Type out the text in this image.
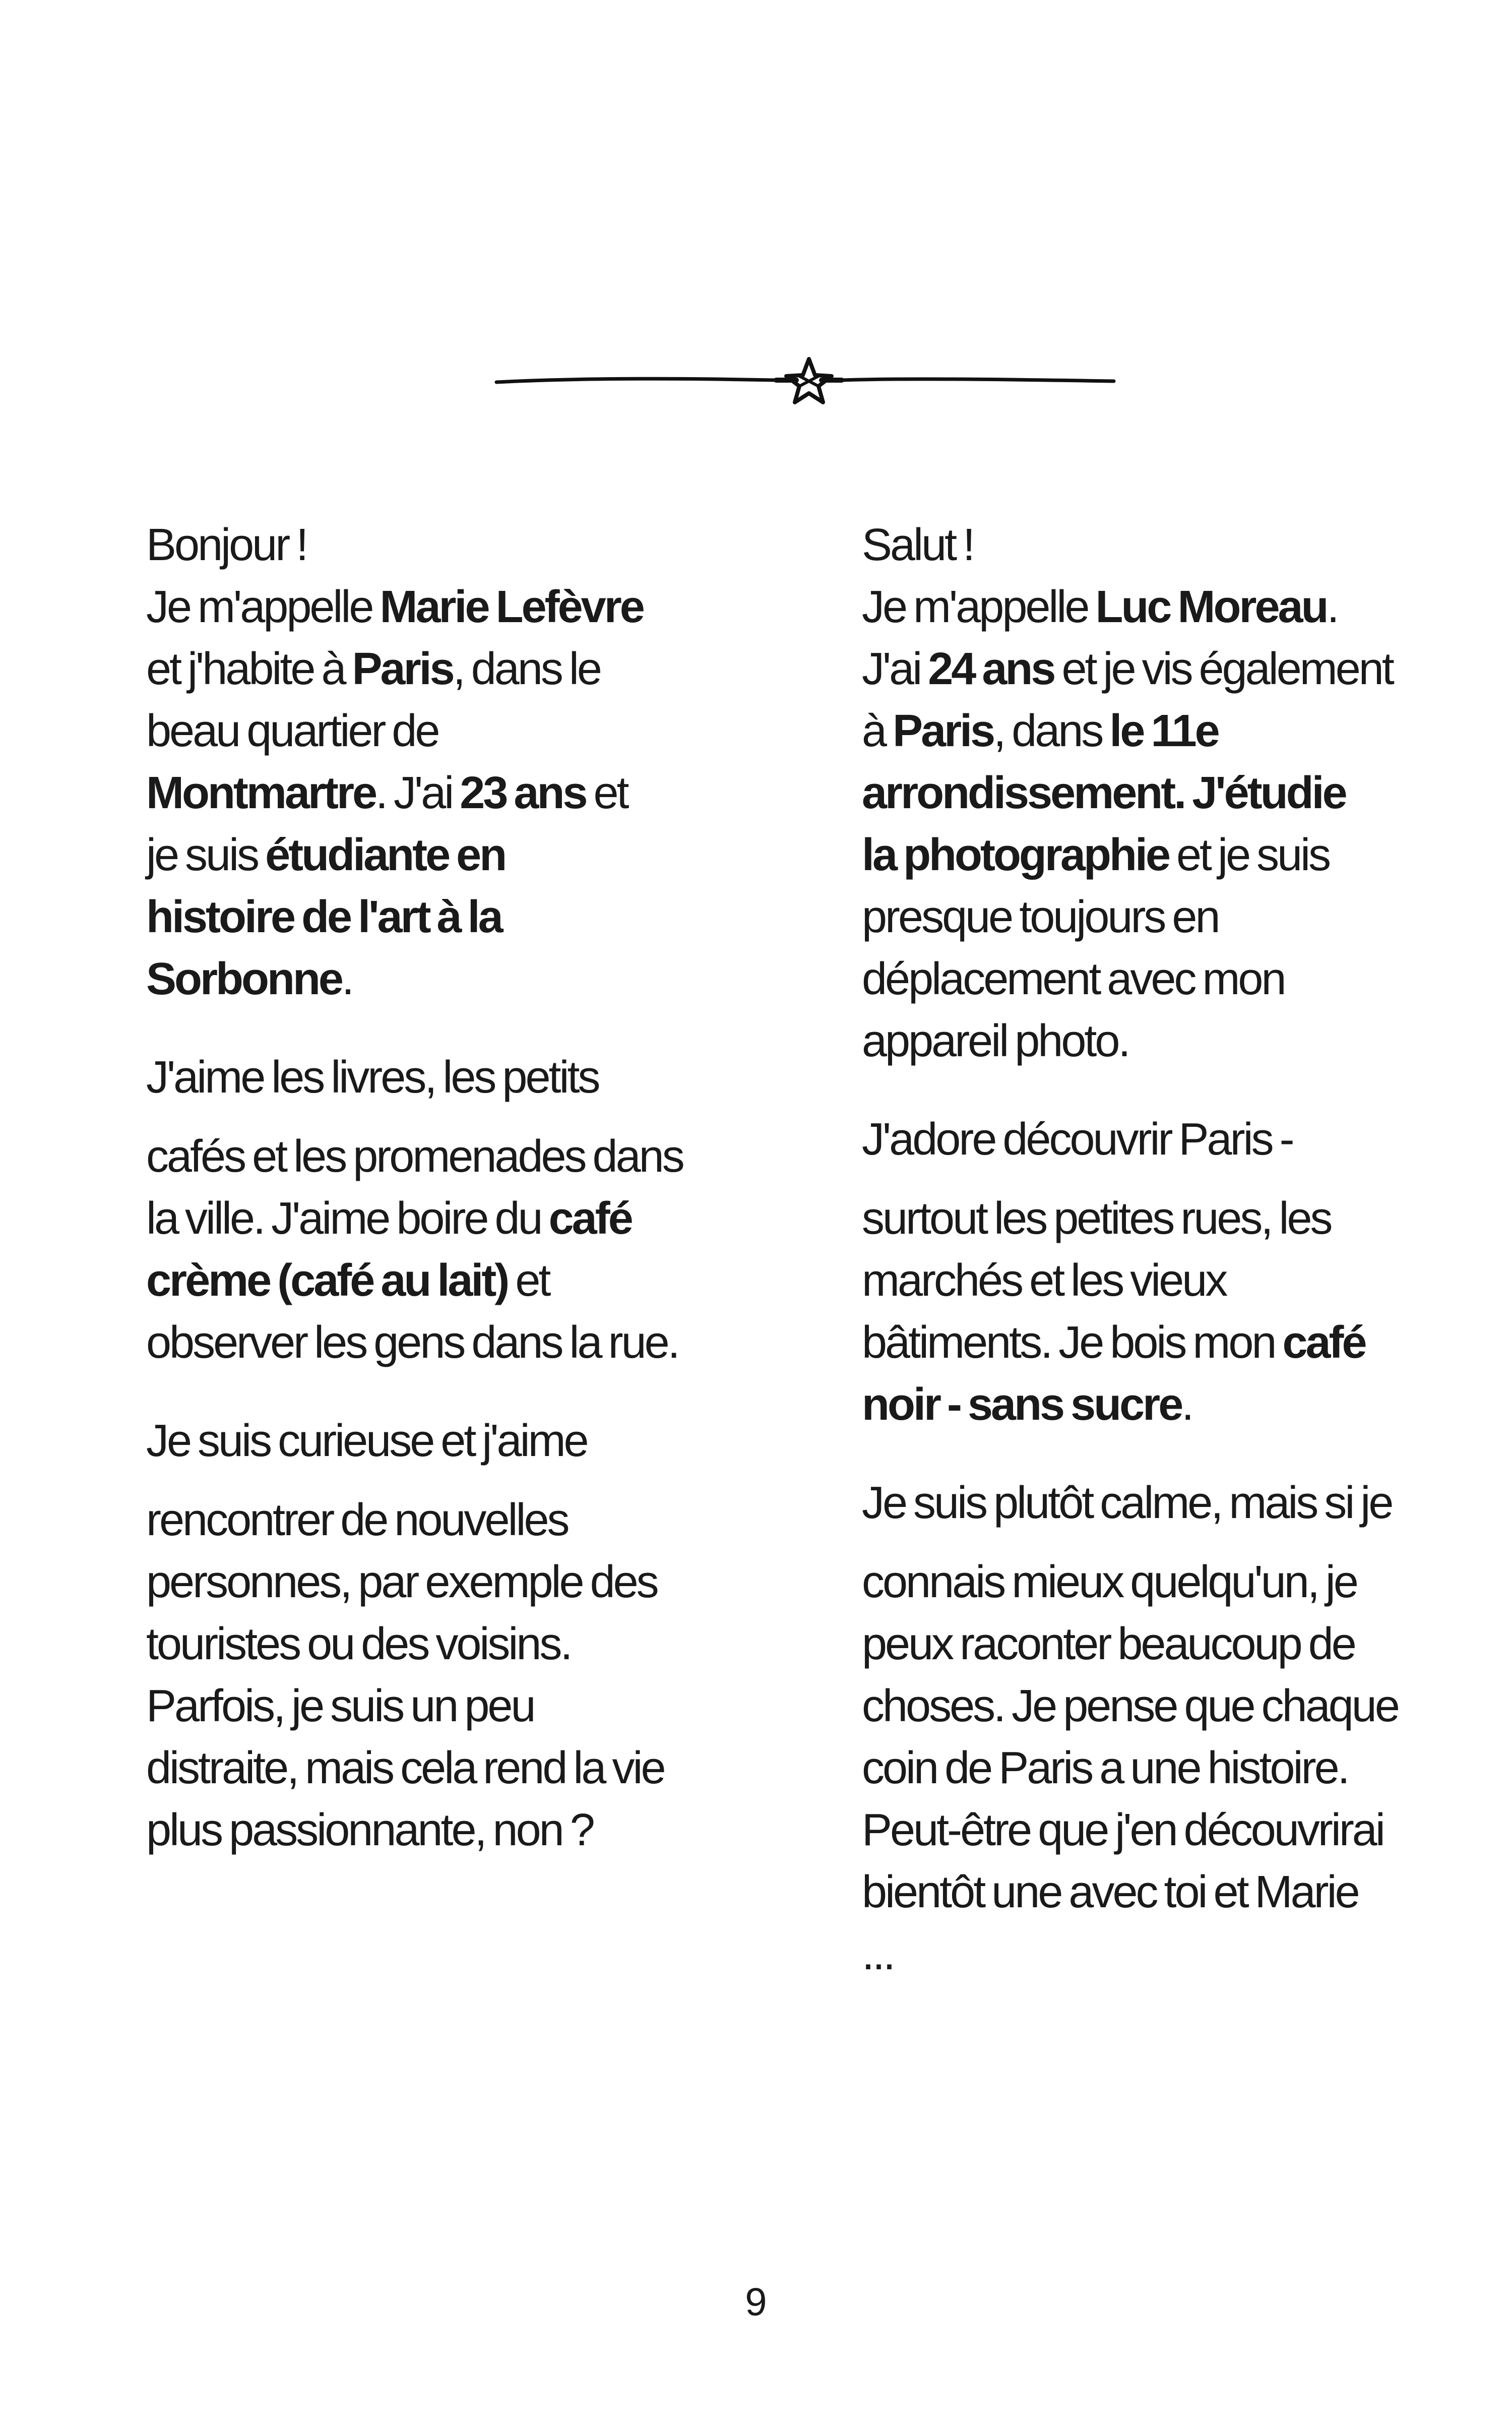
Bonjour !
Je m'appelle Marie Lefèvre
et j'habite à Paris, dans le
beau quartier de
Montmartre. J'ai 23 ans et
je suis étudiante en
histoire de l'art à la
Sorbonne.

J'aime les livres, les petits
cafés et les promenades dans
la ville. J'aime boire du café
crème (café au lait) et
observer les gens dans la rue.

Je suis curieuse et j'aime
rencontrer de nouvelles
personnes, par exemple des
touristes ou des voisins.
Parfois, je suis un peu
distraite, mais cela rend la vie
plus passionnante, non ?

Salut !
Je m'appelle Luc Moreau.
J'ai 24 ans et je vis également
à Paris, dans le 11e
arrondissement. J'étudie
la photographie et je suis
presque toujours en
déplacement avec mon
appareil photo.

J'adore découvrir Paris -
surtout les petites rues, les
marchés et les vieux
bâtiments. Je bois mon café
noir - sans sucre.

Je suis plutôt calme, mais si je
connais mieux quelqu'un, je
peux raconter beaucoup de
choses. Je pense que chaque
coin de Paris a une histoire.
Peut-être que j'en découvrirai
bientôt une avec toi et Marie
...

9
